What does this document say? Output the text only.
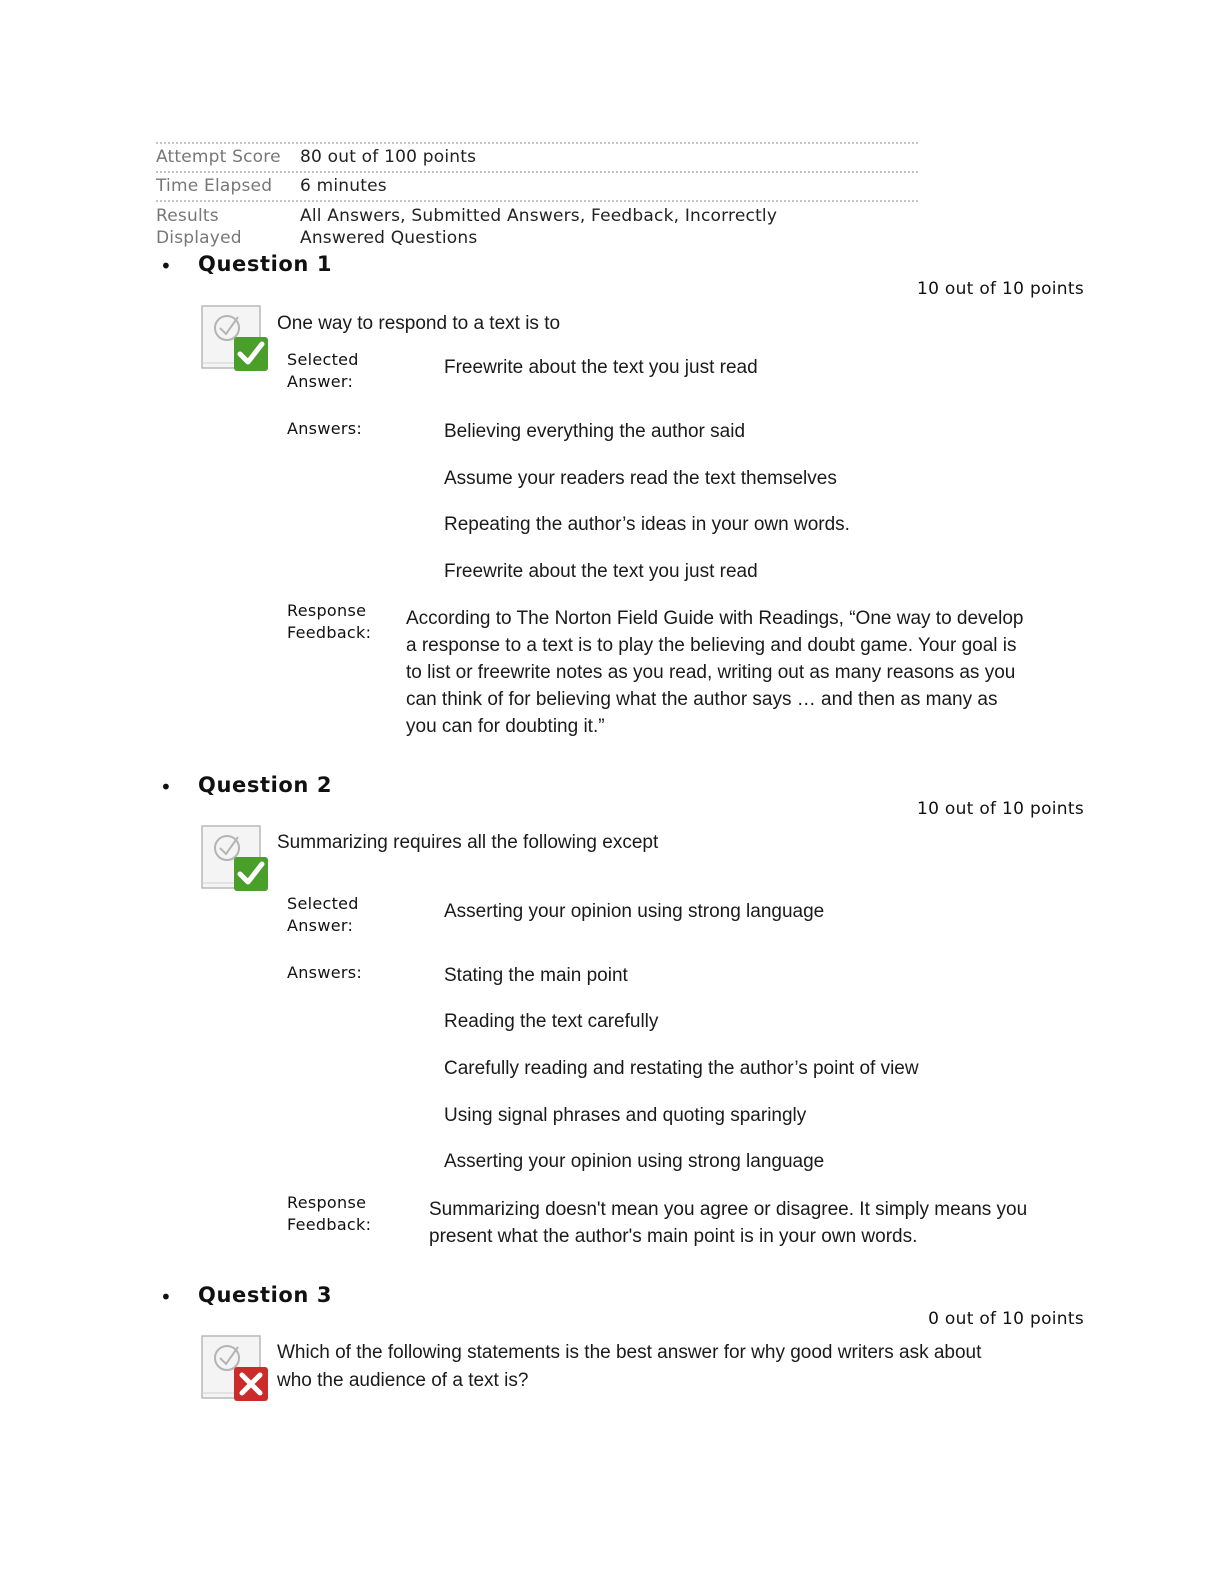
Attempt Score 80 out of 100 points
Time Elapsed 6 minutes
Results
Displayed
All Answers, Submitted Answers, Feedback, Incorrectly
Answered Questions
• Question 1
10 out of 10 points
One way to respond to a text is to
Selected
Answer:
Freewrite about the text you just read
Answers:	Believing everything the author said
Assume your readers read the text themselves
Repeating the author’s ideas in your own words.
Freewrite about the text you just read
Response
Feedback:
According to The Norton Field Guide with Readings, “One way to develop
a response to a text is to play the believing and doubt game. Your goal is
to list or freewrite notes as you read, writing out as many reasons as you
can think of for believing what the author says … and then as many as
you can for doubting it.”
• Question 2
10 out of 10 points
Summarizing requires all the following except
Selected
Answer:
Asserting your opinion using strong language
Answers:	Stating the main point
Reading the text carefully
Carefully reading and restating the author’s point of view
Using signal phrases and quoting sparingly
Asserting your opinion using strong language
Response
Feedback:
Summarizing doesn't mean you agree or disagree. It simply means you
present what the author's main point is in your own words.
• Question 3
0 out of 10 points
Which of the following statements is the best answer for why good writers ask about
who the audience of a text is?
